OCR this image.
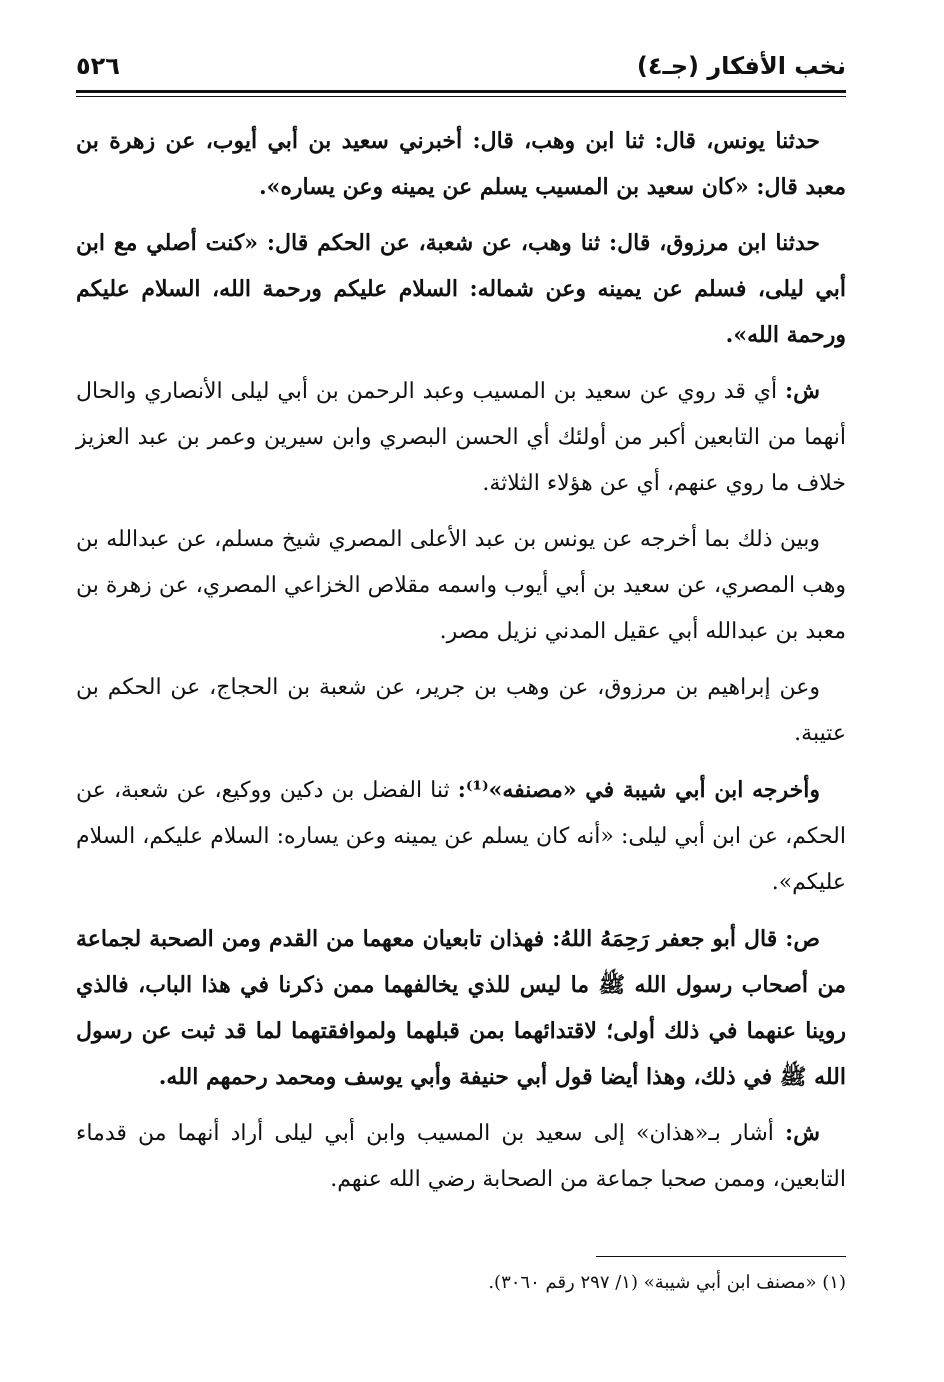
نخب الأفكار (جـ٤)
٥٢٦

حدثنا يونس، قال: ثنا ابن وهب، قال: أخبرني سعيد بن أبي أيوب، عن زهرة بن معبد قال: «كان سعيد بن المسيب يسلم عن يمينه وعن يساره».

حدثنا ابن مرزوق، قال: ثنا وهب، عن شعبة، عن الحكم قال: «كنت أصلي مع ابن أبي ليلى، فسلم عن يمينه وعن شماله: السلام عليكم ورحمة الله، السلام عليكم ورحمة الله».

ش: أي قد روي عن سعيد بن المسيب وعبد الرحمن بن أبي ليلى الأنصاري والحال أنهما من التابعين أكبر من أولئك أي الحسن البصري وابن سيرين وعمر بن عبد العزيز خلاف ما روي عنهم، أي عن هؤلاء الثلاثة.

وبين ذلك بما أخرجه عن يونس بن عبد الأعلى المصري شيخ مسلم، عن عبدالله بن وهب المصري، عن سعيد بن أبي أيوب واسمه مقلاص الخزاعي المصري، عن زهرة بن معبد بن عبدالله أبي عقيل المدني نزيل مصر.

وعن إبراهيم بن مرزوق، عن وهب بن جرير، عن شعبة بن الحجاج، عن الحكم بن عتيبة.

وأخرجه ابن أبي شيبة في «مصنفه»⁽¹⁾: ثنا الفضل بن دكين ووكيع، عن شعبة، عن الحكم، عن ابن أبي ليلى: «أنه كان يسلم عن يمينه وعن يساره: السلام عليكم، السلام عليكم».

ص: قال أبو جعفر رَحِمَهُ اللهُ: فهذان تابعيان معهما من القدم ومن الصحبة لجماعة من أصحاب رسول الله ﷺ ما ليس للذي يخالفهما ممن ذكرنا في هذا الباب، فالذي روينا عنهما في ذلك أولى؛ لاقتدائهما بمن قبلهما ولموافقتهما لما قد ثبت عن رسول الله ﷺ في ذلك، وهذا أيضا قول أبي حنيفة وأبي يوسف ومحمد رحمهم الله.

ش: أشار بـ«هذان» إلى سعيد بن المسيب وابن أبي ليلى أراد أنهما من قدماء التابعين، وممن صحبا جماعة من الصحابة رضي الله عنهم.

(١) «مصنف ابن أبي شيبة» (١/ ٢٩٧ رقم ٣٠٦٠).
